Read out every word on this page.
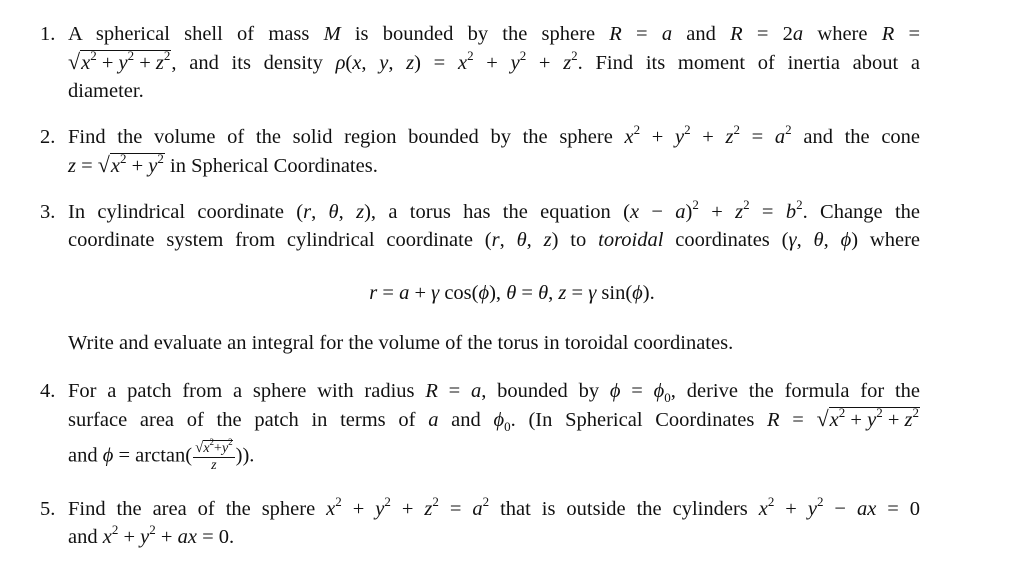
1. A spherical shell of mass M is bounded by the sphere R = a and R = 2a where R =
$√x^2 + y^2 + z^2$, and its density ρ(x, y, $z) = x^2 + y^2 + z^2$. Find its moment of inertia about a
diameter.
2. Find the volume of the solid region bounded by the sphere $x^2 + y^2 + z^2 = a^2$ and the cone
$z = √x^2 + y^2$ in Spherical Coordinates.
3. In cylindrical coordinate (r, θ, z), a torus has the equation $(x - a)^2 + z^2 = b^2$. Change the
coordinate system from cylindrical coordinate (r, θ, z) to toroidal coordinates (γ, θ, ϕ) where
r = a + γ cos(ϕ), θ = θ, z = γ sin(ϕ).
Write and evaluate an integral for the volume of the torus in toroidal coordinates.
4. For a patch from a sphere with radius R = a, bounded by $\phi = \phi_0$, derive the formula for the
surface area of the patch in terms of a and $\phi_0$. (In Spherical Coordinates $R = √x^2 + y^2 + z^2$
and $\phi = \arctan( \frac{√x^2+y^2}{z}$ )).
5. Find the area of the sphere $x^2 + y^2 + z^2 = a^2$ that is outside the cylinders $x^2 + y^2$ − ax = 0
and $x^2 + y^2$ + ax = 0.
